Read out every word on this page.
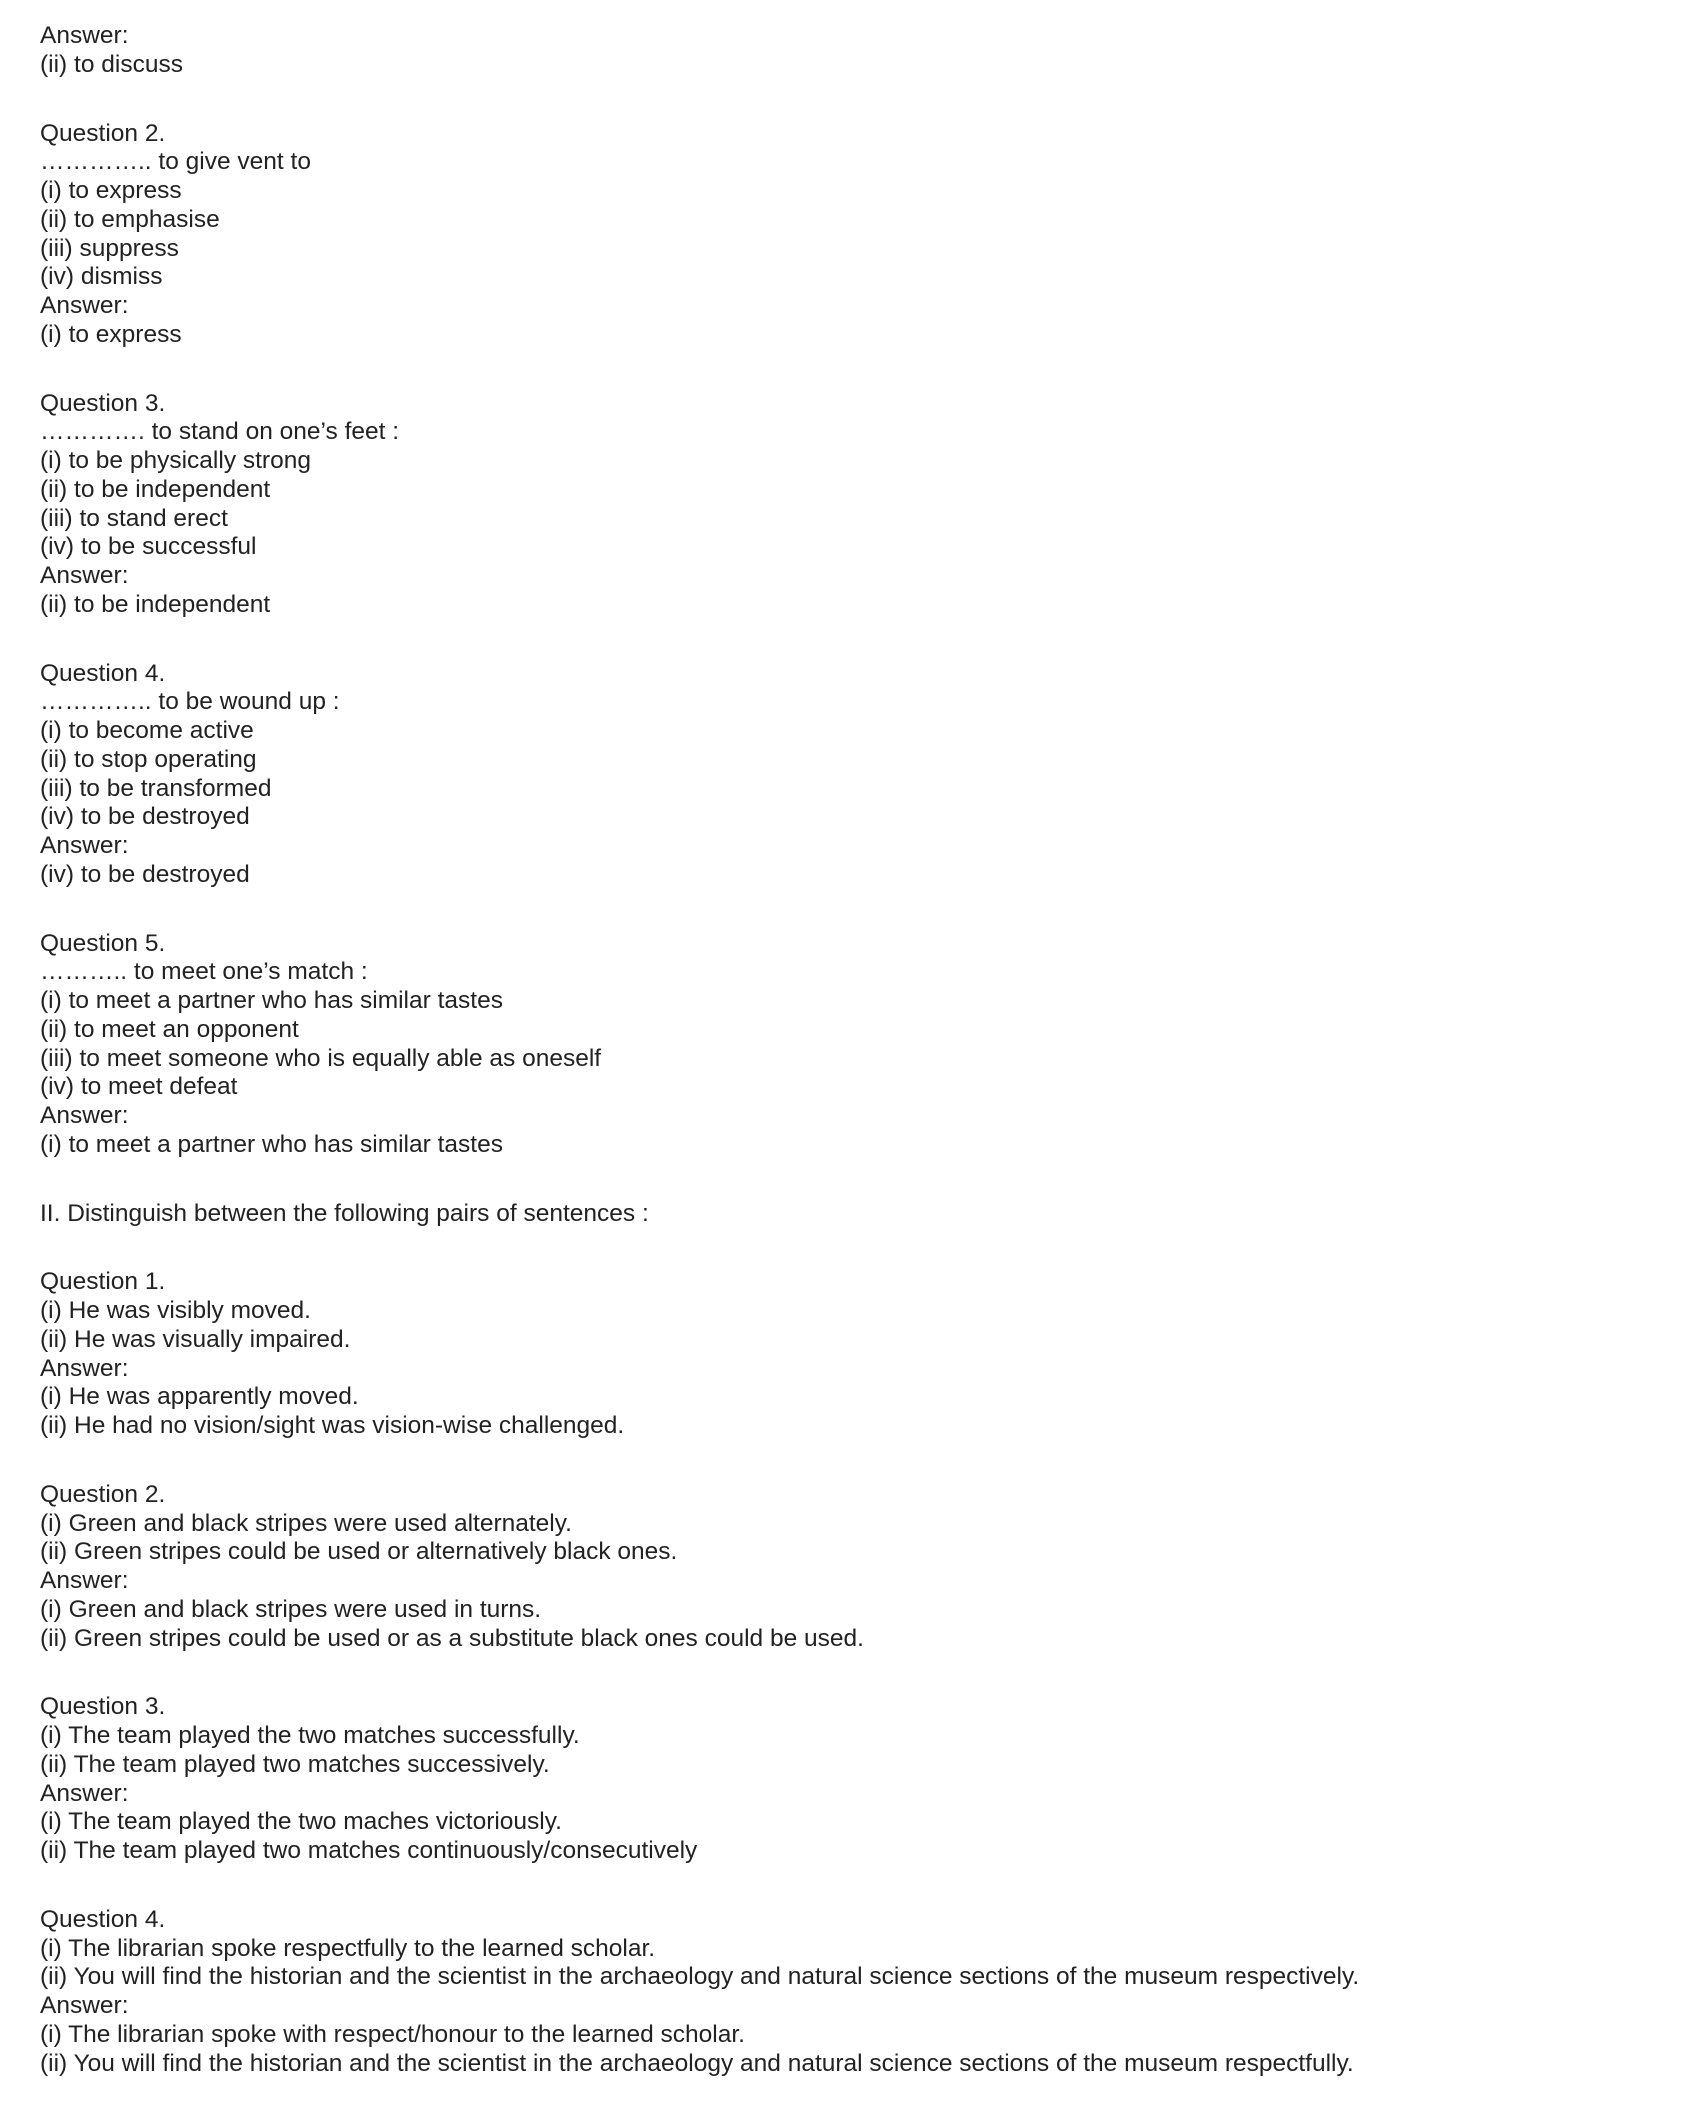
Answer:
(ii) to discuss
Question 2.
………….. to give vent to
(i) to express
(ii) to emphasise
(iii) suppress
(iv) dismiss
Answer:
(i) to express
Question 3.
…………. to stand on one’s feet :
(i) to be physically strong
(ii) to be independent
(iii) to stand erect
(iv) to be successful
Answer:
(ii) to be independent
Question 4.
………….. to be wound up :
(i) to become active
(ii) to stop operating
(iii) to be transformed
(iv) to be destroyed
Answer:
(iv) to be destroyed
Question 5.
……….. to meet one’s match :
(i) to meet a partner who has similar tastes
(ii) to meet an opponent
(iii) to meet someone who is equally able as oneself
(iv) to meet defeat
Answer:
(i) to meet a partner who has similar tastes
II. Distinguish between the following pairs of sentences :
Question 1.
(i) He was visibly moved.
(ii) He was visually impaired.
Answer:
(i) He was apparently moved.
(ii) He had no vision/sight was vision-wise challenged.
Question 2.
(i) Green and black stripes were used alternately.
(ii) Green stripes could be used or alternatively black ones.
Answer:
(i) Green and black stripes were used in turns.
(ii) Green stripes could be used or as a substitute black ones could be used.
Question 3.
(i) The team played the two matches successfully.
(ii) The team played two matches successively.
Answer:
(i) The team played the two maches victoriously.
(ii) The team played two matches continuously/consecutively
Question 4.
(i) The librarian spoke respectfully to the learned scholar.
(ii) You will find the historian and the scientist in the archaeology and natural science sections of the museum respectively.
Answer:
(i) The librarian spoke with respect/honour to the learned scholar.
(ii) You will find the historian and the scientist in the archaeology and natural science sections of the museum respectfully.
